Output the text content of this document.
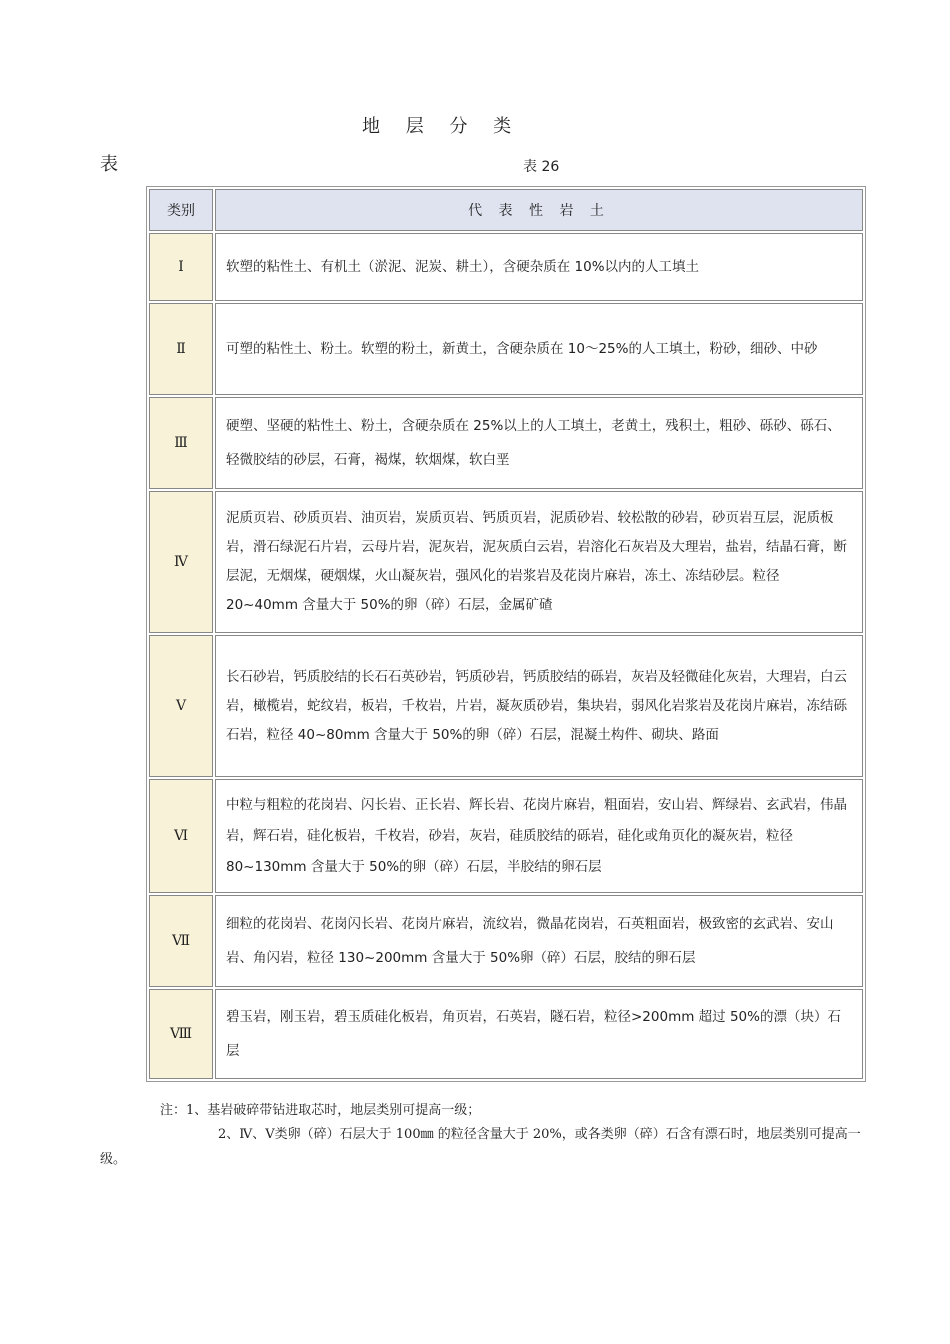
地 层 分 类
表	表 26
类别	代 表 性 岩 土
Ⅰ	软塑的粘性土、有机土（淤泥、泥炭、耕土），含硬杂质在 10%以内的人工填土
Ⅱ	可塑的粘性土、粉土。软塑的粉土，新黄土，含硬杂质在 10～25%的人工填土，粉砂，细砂、中砂
Ⅲ	硬塑、坚硬的粘性土、粉土，含硬杂质在 25%以上的人工填土，老黄土，残积土，粗砂、砾砂、砾石、轻微胶结的砂层，石膏，褐煤，软烟煤，软白垩
Ⅳ	泥质页岩、砂质页岩、油页岩，炭质页岩、钙质页岩，泥质砂岩、较松散的砂岩，砂页岩互层，泥质板岩，滑石绿泥石片岩，云母片岩，泥灰岩，泥灰质白云岩，岩溶化石灰岩及大理岩，盐岩，结晶石膏，断层泥，无烟煤，硬烟煤，火山凝灰岩，强风化的岩浆岩及花岗片麻岩，冻土、冻结砂层。粒径 20~40mm 含量大于 50%的卵（碎）石层，金属矿碴
Ⅴ	长石砂岩，钙质胶结的长石石英砂岩，钙质砂岩，钙质胶结的砾岩，灰岩及轻微硅化灰岩，大理岩，白云岩，橄榄岩，蛇纹岩，板岩，千枚岩，片岩，凝灰质砂岩，集块岩，弱风化岩浆岩及花岗片麻岩，冻结砾石岩，粒径 40~80mm 含量大于 50%的卵（碎）石层，混凝土构件、砌块、路面
Ⅵ	中粒与粗粒的花岗岩、闪长岩、正长岩、辉长岩、花岗片麻岩，粗面岩，安山岩、辉绿岩、玄武岩，伟晶岩，辉石岩，硅化板岩，千枚岩，砂岩，灰岩，硅质胶结的砾岩，硅化或角页化的凝灰岩，粒径 80~130mm 含量大于 50%的卵（碎）石层，半胶结的卵石层
Ⅶ	细粒的花岗岩、花岗闪长岩、花岗片麻岩，流纹岩，微晶花岗岩，石英粗面岩，极致密的玄武岩、安山岩、角闪岩，粒径 130~200mm 含量大于 50%卵（碎）石层，胶结的卵石层
Ⅷ	碧玉岩，刚玉岩，碧玉质硅化板岩，角页岩，石英岩，隧石岩，粒径>200mm 超过 50%的漂（块）石层
注：1、基岩破碎带钻进取芯时，地层类别可提高一级；
2、Ⅳ、Ⅴ类卵（碎）石层大于 100㎜ 的粒径含量大于 20%，或各类卵（碎）石含有漂石时，地层类别可提高一级。
